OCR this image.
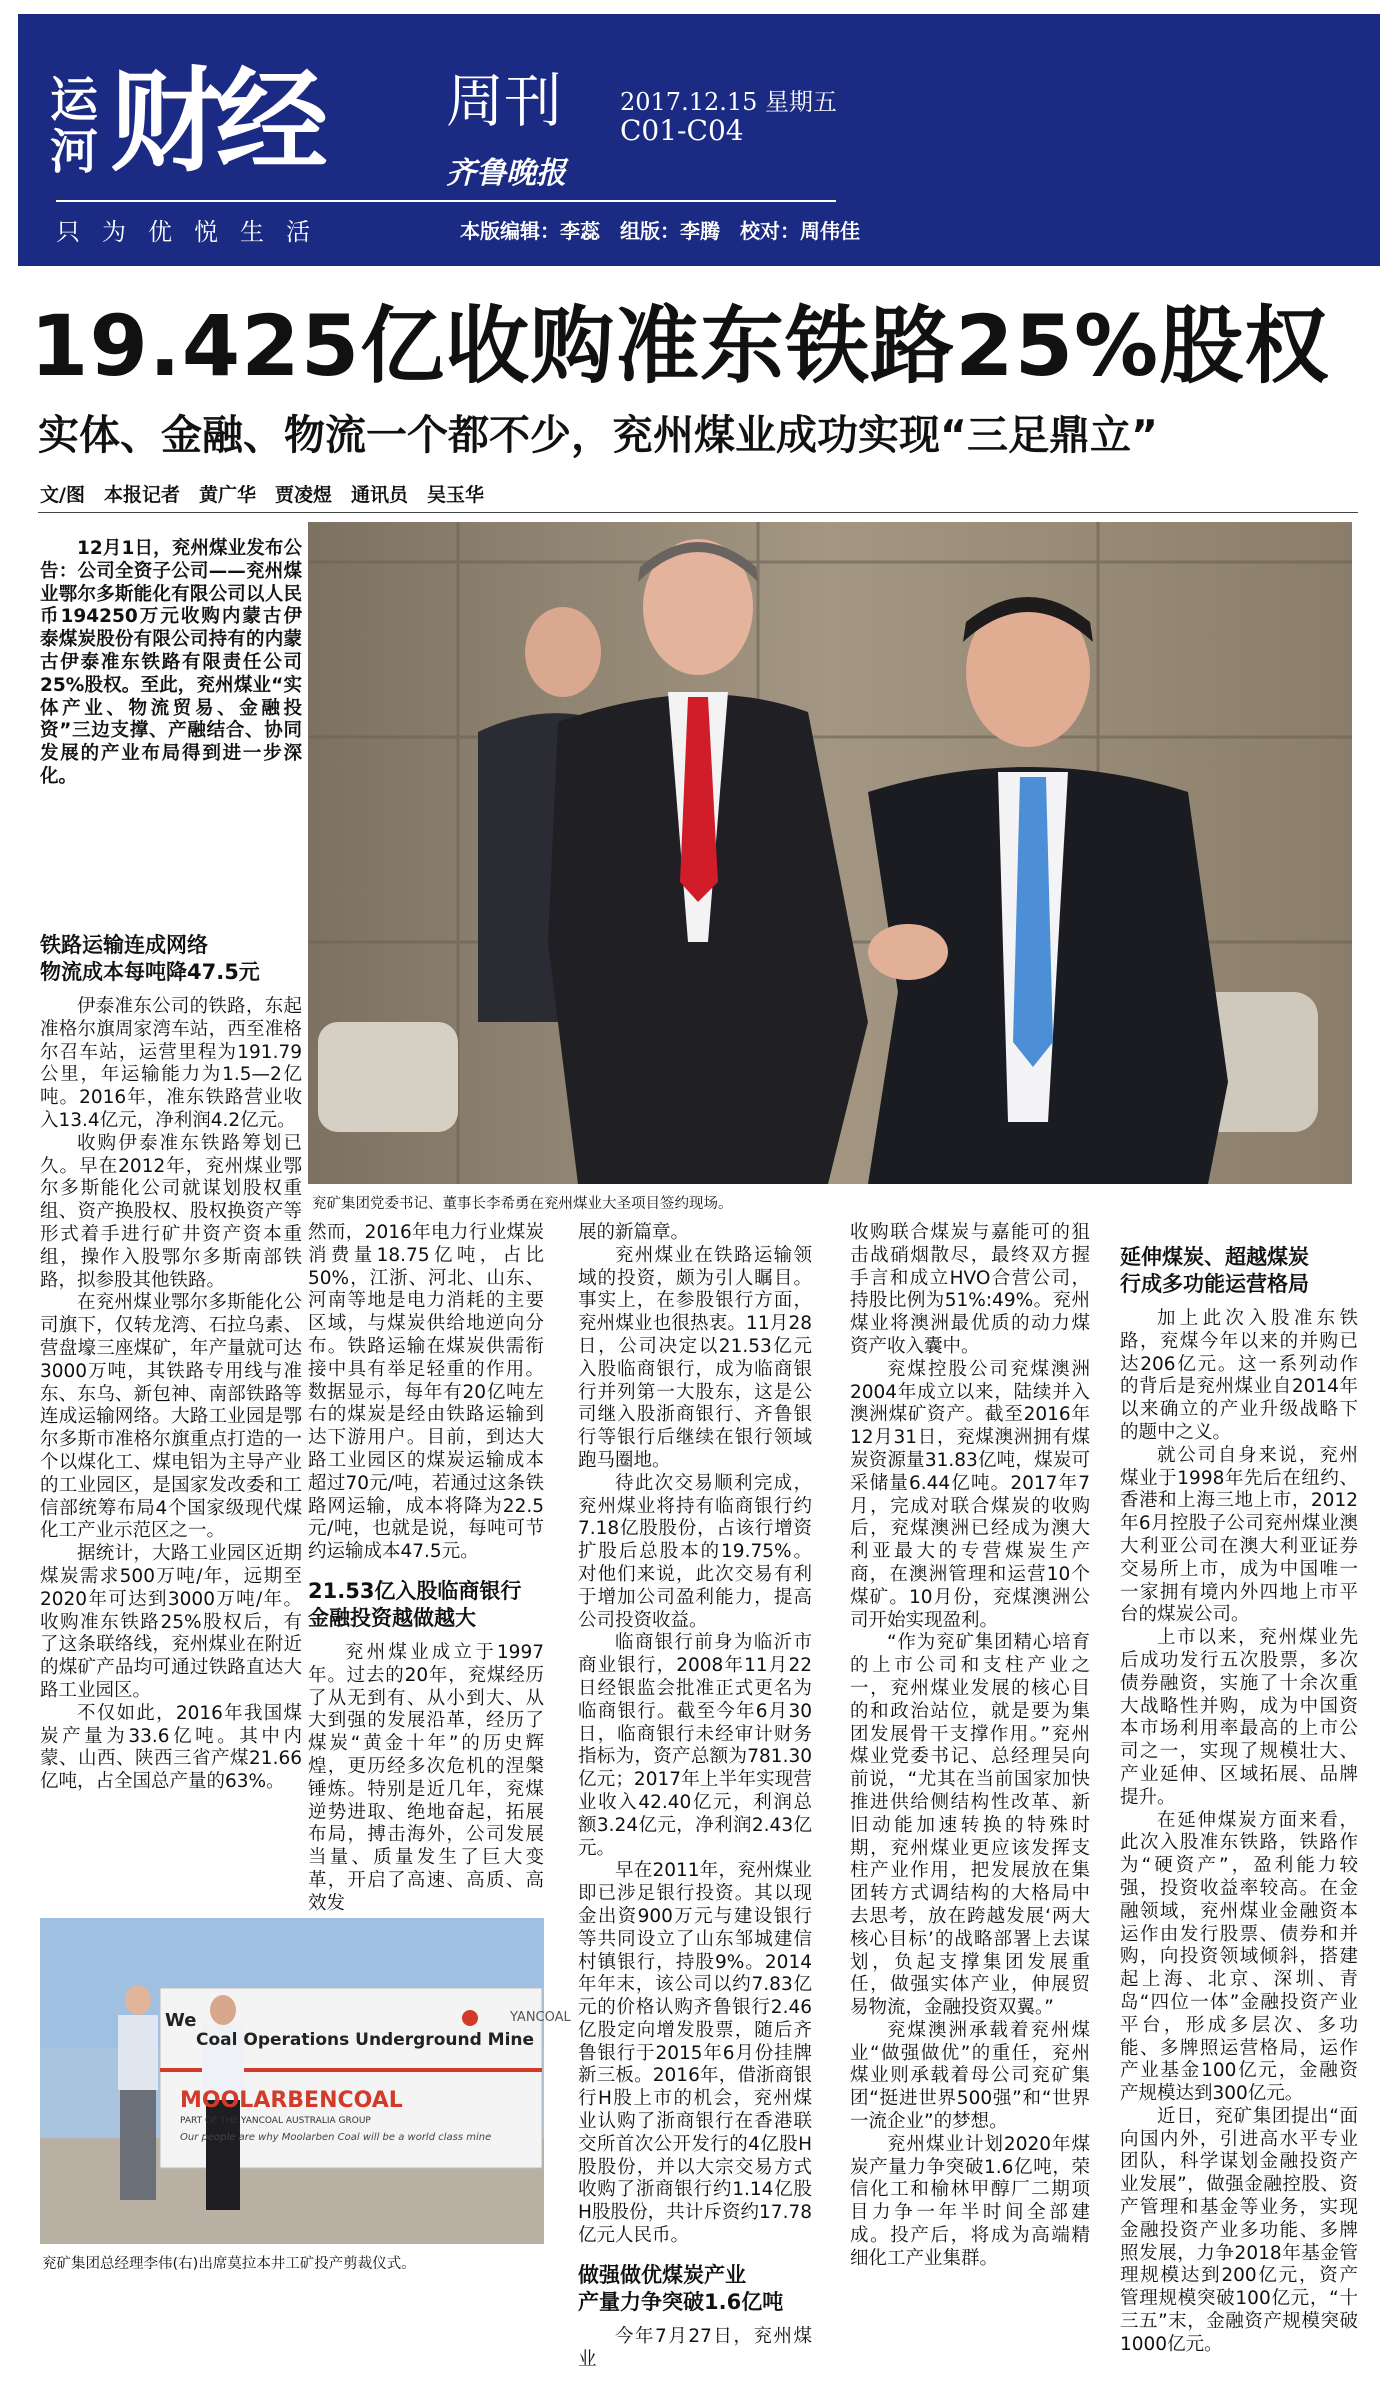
运河 财经 周刊
齐鲁晚报
2017.12.15 星期五
C01-C04
只为优悦生活	本版编辑：李蕊　组版：李腾　校对：周伟佳
19.425亿收购准东铁路25%股权
实体、金融、物流一个都不少，兖州煤业成功实现“三足鼎立”
文/图　本报记者　黄广华　贾凌煜　通讯员　吴玉华

12月1日，兖州煤业发布公告：公司全资子公司——兖州煤业鄂尔多斯能化有限公司以人民币194250万元收购内蒙古伊泰煤炭股份有限公司持有的内蒙古伊泰准东铁路有限责任公司25%股权。至此，兖州煤业“实体产业、物流贸易、金融投资”三边支撑、产融结合、协同发展的产业布局得到进一步深化。

兖矿集团党委书记、董事长李希勇在兖州煤业大圣项目签约现场。
铁路运输连成网络
物流成本每吨降47.5元

伊泰准东公司的铁路，东起准格尔旗周家湾车站，西至准格尔召车站，运营里程为191.79公里，年运输能力为1.5—2亿吨。2016年，准东铁路营业收入13.4亿元，净利润4.2亿元。

收购伊泰准东铁路筹划已久。早在2012年，兖州煤业鄂尔多斯能化公司就谋划股权重组、资产换股权、股权换资产等形式着手进行矿井资产资本重组，操作入股鄂尔多斯南部铁路，拟参股其他铁路。

在兖州煤业鄂尔多斯能化公司旗下，仅转龙湾、石拉乌素、营盘壕三座煤矿，年产量就可达3000万吨，其铁路专用线与准东、东乌、新包神、南部铁路等连成运输网络。大路工业园是鄂尔多斯市准格尔旗重点打造的一个以煤化工、煤电铝为主导产业的工业园区，是国家发改委和工信部统筹布局4个国家级现代煤化工产业示范区之一。

据统计，大路工业园区近期煤炭需求500万吨/年，远期至2020年可达到3000万吨/年。收购准东铁路25%股权后，有了这条联络线，兖州煤业在附近的煤矿产品均可通过铁路直达大路工业园区。

不仅如此，2016年我国煤炭产量为33.6亿吨。其中内蒙、山西、陕西三省产煤21.66亿吨，占全国总产量的63%。

YANCOAL
We
Coal Operations Underground Mine
MOOLARBENCOAL
PART OF THE YANCOAL AUSTRALIA GROUP
Our people are why Moolarben Coal will be a world class mine
兖矿集团总经理李伟(右)出席莫拉本井工矿投产剪裁仪式。

然而，2016年电力行业煤炭消费量18.75亿吨，占比50%，江浙、河北、山东、河南等地是电力消耗的主要区域，与煤炭供给地逆向分布。铁路运输在煤炭供需衔接中具有举足轻重的作用。数据显示，每年有20亿吨左右的煤炭是经由铁路运输到达下游用户。目前，到达大路工业园区的煤炭运输成本超过70元/吨，若通过这条铁路网运输，成本将降为22.5元/吨，也就是说，每吨可节约运输成本47.5元。

21.53亿入股临商银行
金融投资越做越大

兖州煤业成立于1997年。过去的20年，兖煤经历了从无到有、从小到大、从大到强的发展沿革，经历了煤炭“黄金十年”的历史辉煌，更历经多次危机的涅槃锤炼。特别是近几年，兖煤逆势进取、绝地奋起，拓展布局，搏击海外，公司发展当量、质量发生了巨大变革，开启了高速、高质、高效发

展的新篇章。

兖州煤业在铁路运输领域的投资，颇为引人瞩目。事实上，在参股银行方面，兖州煤业也很热衷。11月28日，公司决定以21.53亿元入股临商银行，成为临商银行并列第一大股东，这是公司继入股浙商银行、齐鲁银行等银行后继续在银行领域跑马圈地。

待此次交易顺利完成，兖州煤业将持有临商银行约7.18亿股股份，占该行增资扩股后总股本的19.75%。对他们来说，此次交易有利于增加公司盈利能力，提高公司投资收益。

临商银行前身为临沂市商业银行，2008年11月22日经银监会批准正式更名为临商银行。截至今年6月30日，临商银行未经审计财务指标为，资产总额为781.30亿元；2017年上半年实现营业收入42.40亿元，利润总额3.24亿元，净利润2.43亿元。

早在2011年，兖州煤业即已涉足银行投资。其以现金出资900万元与建设银行等共同设立了山东邹城建信村镇银行，持股9%。2014年年末，该公司以约7.83亿元的价格认购齐鲁银行2.46亿股定向增发股票，随后齐鲁银行于2015年6月份挂牌新三板。2016年，借浙商银行H股上市的机会，兖州煤业认购了浙商银行在香港联交所首次公开发行的4亿股H股股份，并以大宗交易方式收购了浙商银行约1.14亿股H股股份，共计斥资约17.78亿元人民币。

做强做优煤炭产业
产量力争突破1.6亿吨

今年7月27日，兖州煤业

收购联合煤炭与嘉能可的狙击战硝烟散尽，最终双方握手言和成立HVO合营公司，持股比例为51%:49%。兖州煤业将澳洲最优质的动力煤资产收入囊中。

兖煤控股公司兖煤澳洲2004年成立以来，陆续并入澳洲煤矿资产。截至2016年12月31日，兖煤澳洲拥有煤炭资源量31.83亿吨，煤炭可采储量6.44亿吨。2017年7月，完成对联合煤炭的收购后，兖煤澳洲已经成为澳大利亚最大的专营煤炭生产商，在澳洲管理和运营10个煤矿。10月份，兖煤澳洲公司开始实现盈利。

“作为兖矿集团精心培育的上市公司和支柱产业之一，兖州煤业发展的核心目的和政治站位，就是要为集团发展骨干支撑作用。”兖州煤业党委书记、总经理吴向前说，“尤其在当前国家加快推进供给侧结构性改革、新旧动能加速转换的特殊时期，兖州煤业更应该发挥支柱产业作用，把发展放在集团转方式调结构的大格局中去思考，放在跨越发展‘两大核心目标’的战略部署上去谋划，负起支撑集团发展重任，做强实体产业，伸展贸易物流，金融投资双翼。”

兖煤澳洲承载着兖州煤业“做强做优”的重任，兖州煤业则承载着母公司兖矿集团“挺进世界500强”和“世界一流企业”的梦想。

兖州煤业计划2020年煤炭产量力争突破1.6亿吨，荣信化工和榆林甲醇厂二期项目力争一年半时间全部建成。投产后，将成为高端精细化工产业集群。

延伸煤炭、超越煤炭
行成多功能运营格局

加上此次入股准东铁路，兖煤今年以来的并购已达206亿元。这一系列动作的背后是兖州煤业自2014年以来确立的产业升级战略下的题中之义。

就公司自身来说，兖州煤业于1998年先后在纽约、香港和上海三地上市，2012年6月控股子公司兖州煤业澳大利亚公司在澳大利亚证券交易所上市，成为中国唯一一家拥有境内外四地上市平台的煤炭公司。

上市以来，兖州煤业先后成功发行五次股票，多次债券融资，实施了十余次重大战略性并购，成为中国资本市场利用率最高的上市公司之一，实现了规模壮大、产业延伸、区域拓展、品牌提升。

在延伸煤炭方面来看，此次入股准东铁路，铁路作为“硬资产”，盈利能力较强，投资收益率较高。在金融领域，兖州煤业金融资本运作由发行股票、债券和并购，向投资领域倾斜，搭建起上海、北京、深圳、青岛“四位一体”金融投资产业平台，形成多层次、多功能、多牌照运营格局，运作产业基金100亿元，金融资产规模达到300亿元。

近日，兖矿集团提出“面向国内外，引进高水平专业团队，科学谋划金融投资产业发展”，做强金融控股、资产管理和基金等业务，实现金融投资产业多功能、多牌照发展，力争2018年基金管理规模达到200亿元，资产管理规模突破100亿元，“十三五”末，金融资产规模突破1000亿元。
